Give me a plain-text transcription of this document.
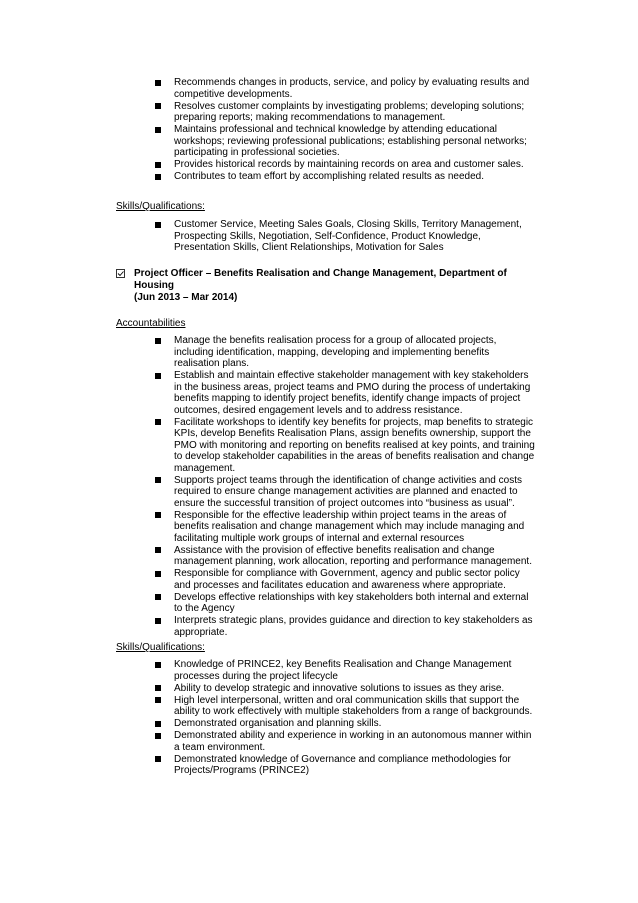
Recommends changes in products, service, and policy by evaluating results and competitive developments.
Resolves customer complaints by investigating problems; developing solutions; preparing reports; making recommendations to management.
Maintains professional and technical knowledge by attending educational workshops; reviewing professional publications; establishing personal networks; participating in professional societies.
Provides historical records by maintaining records on area and customer sales.
Contributes to team effort by accomplishing related results as needed.
Skills/Qualifications:
Customer Service, Meeting Sales Goals, Closing Skills, Territory Management, Prospecting Skills, Negotiation, Self-Confidence, Product Knowledge, Presentation Skills, Client Relationships, Motivation for Sales
Project Officer – Benefits Realisation and Change Management, Department of Housing
(Jun 2013 – Mar 2014)
Accountabilities
Manage the benefits realisation process for a group of allocated projects, including identification, mapping, developing and implementing benefits realisation plans.
Establish and maintain effective stakeholder management with key stakeholders in the business areas, project teams and PMO during the process of undertaking benefits mapping to identify project benefits, identify change impacts of project outcomes, desired engagement levels and to address resistance.
Facilitate workshops to identify key benefits for projects, map benefits to strategic KPIs, develop Benefits Realisation Plans, assign benefits ownership, support the PMO with monitoring and reporting on benefits realised at key points, and training to develop stakeholder capabilities in the areas of benefits realisation and change management.
Supports project teams through the identification of change activities and costs required to ensure change management activities are planned and enacted to ensure the successful transition of project outcomes into “business as usual”.
Responsible for the effective leadership within project teams in the areas of benefits realisation and change management which may include managing and facilitating multiple work groups of internal and external resources
Assistance with the provision of effective benefits realisation and change management planning, work allocation, reporting and performance management.
Responsible for compliance with Government, agency and public sector policy and processes and facilitates education and awareness where appropriate.
Develops effective relationships with key stakeholders both internal and external to the Agency
Interprets strategic plans, provides guidance and direction to key stakeholders as appropriate.
Skills/Qualifications:
Knowledge of PRINCE2, key Benefits Realisation and Change Management processes during the project lifecycle
Ability to develop strategic and innovative solutions to issues as they arise.
High level interpersonal, written and oral communication skills that support the ability to work effectively with multiple stakeholders from a range of backgrounds.
Demonstrated organisation and planning skills.
Demonstrated ability and experience in working in an autonomous manner within a team environment.
Demonstrated knowledge of Governance and compliance methodologies for Projects/Programs (PRINCE2)
